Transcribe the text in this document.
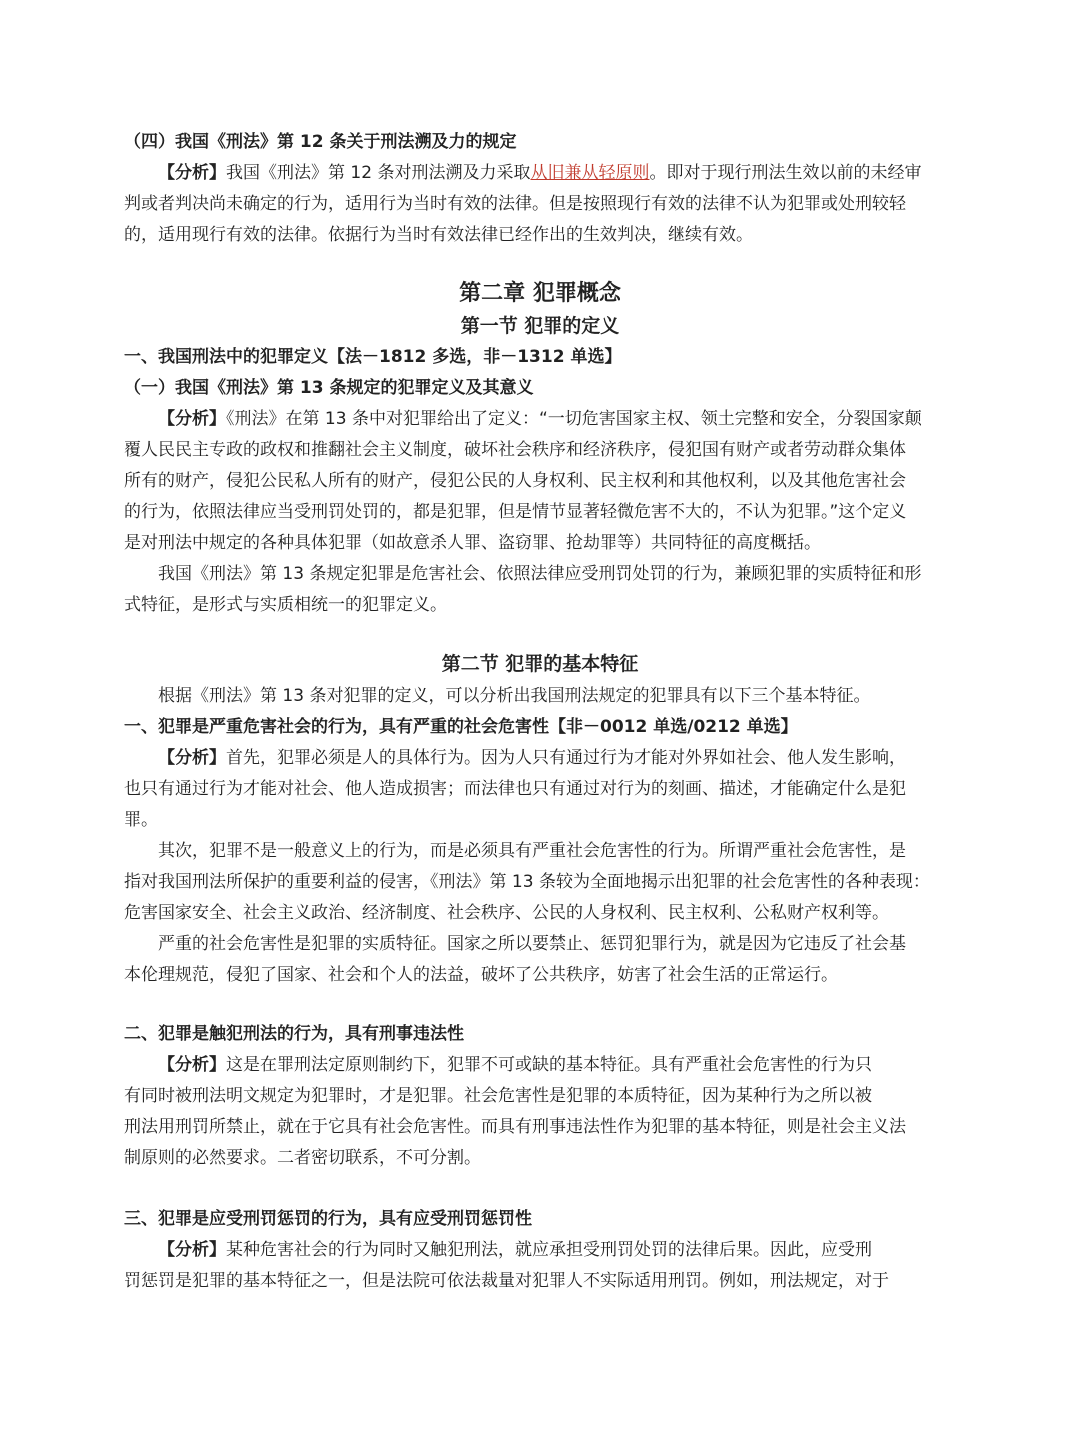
（四）我国《刑法》第 12 条关于刑法溯及力的规定
【分析】我国《刑法》第 12 条对刑法溯及力采取从旧兼从轻原则。即对于现行刑法生效以前的未经审
判或者判决尚未确定的行为，适用行为当时有效的法律。但是按照现行有效的法律不认为犯罪或处刑较轻
的，适用现行有效的法律。依据行为当时有效法律已经作出的生效判决，继续有效。
第二章 犯罪概念
第一节 犯罪的定义
一、我国刑法中的犯罪定义【法－1812 多选，非－1312 单选】
（一）我国《刑法》第 13 条规定的犯罪定义及其意义
【分析】《刑法》在第 13 条中对犯罪给出了定义：“一切危害国家主权、领土完整和安全，分裂国家颠
覆人民民主专政的政权和推翻社会主义制度，破坏社会秩序和经济秩序，侵犯国有财产或者劳动群众集体
所有的财产，侵犯公民私人所有的财产，侵犯公民的人身权利、民主权利和其他权利，以及其他危害社会
的行为，依照法律应当受刑罚处罚的，都是犯罪，但是情节显著轻微危害不大的，不认为犯罪。”这个定义
是对刑法中规定的各种具体犯罪（如故意杀人罪、盗窃罪、抢劫罪等）共同特征的高度概括。
我国《刑法》第 13 条规定犯罪是危害社会、依照法律应受刑罚处罚的行为，兼顾犯罪的实质特征和形
式特征，是形式与实质相统一的犯罪定义。
第二节 犯罪的基本特征
根据《刑法》第 13 条对犯罪的定义，可以分析出我国刑法规定的犯罪具有以下三个基本特征。
一、犯罪是严重危害社会的行为，具有严重的社会危害性【非－0012 单选/0212 单选】
【分析】首先，犯罪必须是人的具体行为。因为人只有通过行为才能对外界如社会、他人发生影响，
也只有通过行为才能对社会、他人造成损害；而法律也只有通过对行为的刻画、描述，才能确定什么是犯
罪。
其次，犯罪不是一般意义上的行为，而是必须具有严重社会危害性的行为。所谓严重社会危害性，是
指对我国刑法所保护的重要利益的侵害，《刑法》第 13 条较为全面地揭示出犯罪的社会危害性的各种表现：
危害国家安全、社会主义政治、经济制度、社会秩序、公民的人身权利、民主权利、公私财产权利等。
严重的社会危害性是犯罪的实质特征。国家之所以要禁止、惩罚犯罪行为，就是因为它违反了社会基
本伦理规范，侵犯了国家、社会和个人的法益，破坏了公共秩序，妨害了社会生活的正常运行。
二、犯罪是触犯刑法的行为，具有刑事违法性
【分析】这是在罪刑法定原则制约下，犯罪不可或缺的基本特征。具有严重社会危害性的行为只
有同时被刑法明文规定为犯罪时，才是犯罪。社会危害性是犯罪的本质特征，因为某种行为之所以被
刑法用刑罚所禁止，就在于它具有社会危害性。而具有刑事违法性作为犯罪的基本特征，则是社会主义法
制原则的必然要求。二者密切联系，不可分割。
三、犯罪是应受刑罚惩罚的行为，具有应受刑罚惩罚性
【分析】某种危害社会的行为同时又触犯刑法，就应承担受刑罚处罚的法律后果。因此，应受刑
罚惩罚是犯罪的基本特征之一，但是法院可依法裁量对犯罪人不实际适用刑罚。例如，刑法规定，对于
